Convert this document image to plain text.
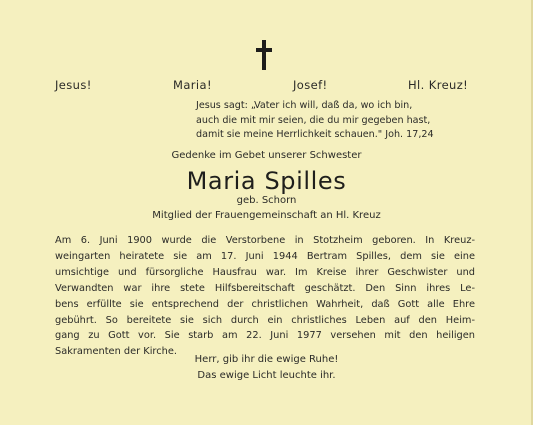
Jesus!	Maria!	Josef!	Hl. Kreuz!
Jesus sagt: „Vater ich will, daß da, wo ich bin,
auch die mit mir seien, die du mir gegeben hast,
damit sie meine Herrlichkeit schauen." Joh. 17,24
Gedenke im Gebet unserer Schwester
Maria Spilles
geb. Schorn
Mitglied der Frauengemeinschaft an Hl. Kreuz
Am 6. Juni 1900 wurde die Verstorbene in Stotzheim geboren. In Kreuz-
weingarten heiratete sie am 17. Juni 1944 Bertram Spilles, dem sie eine
umsichtige und fürsorgliche Hausfrau war. Im Kreise ihrer Geschwister und
Verwandten war ihre stete Hilfsbereitschaft geschätzt. Den Sinn ihres Le-
bens erfüllte sie entsprechend der christlichen Wahrheit, daß Gott alle Ehre
gebührt. So bereitete sie sich durch ein christliches Leben auf den Heim-
gang zu Gott vor. Sie starb am 22. Juni 1977 versehen mit den heiligen
Sakramenten der Kirche.
Herr, gib ihr die ewige Ruhe!
Das ewige Licht leuchte ihr.
